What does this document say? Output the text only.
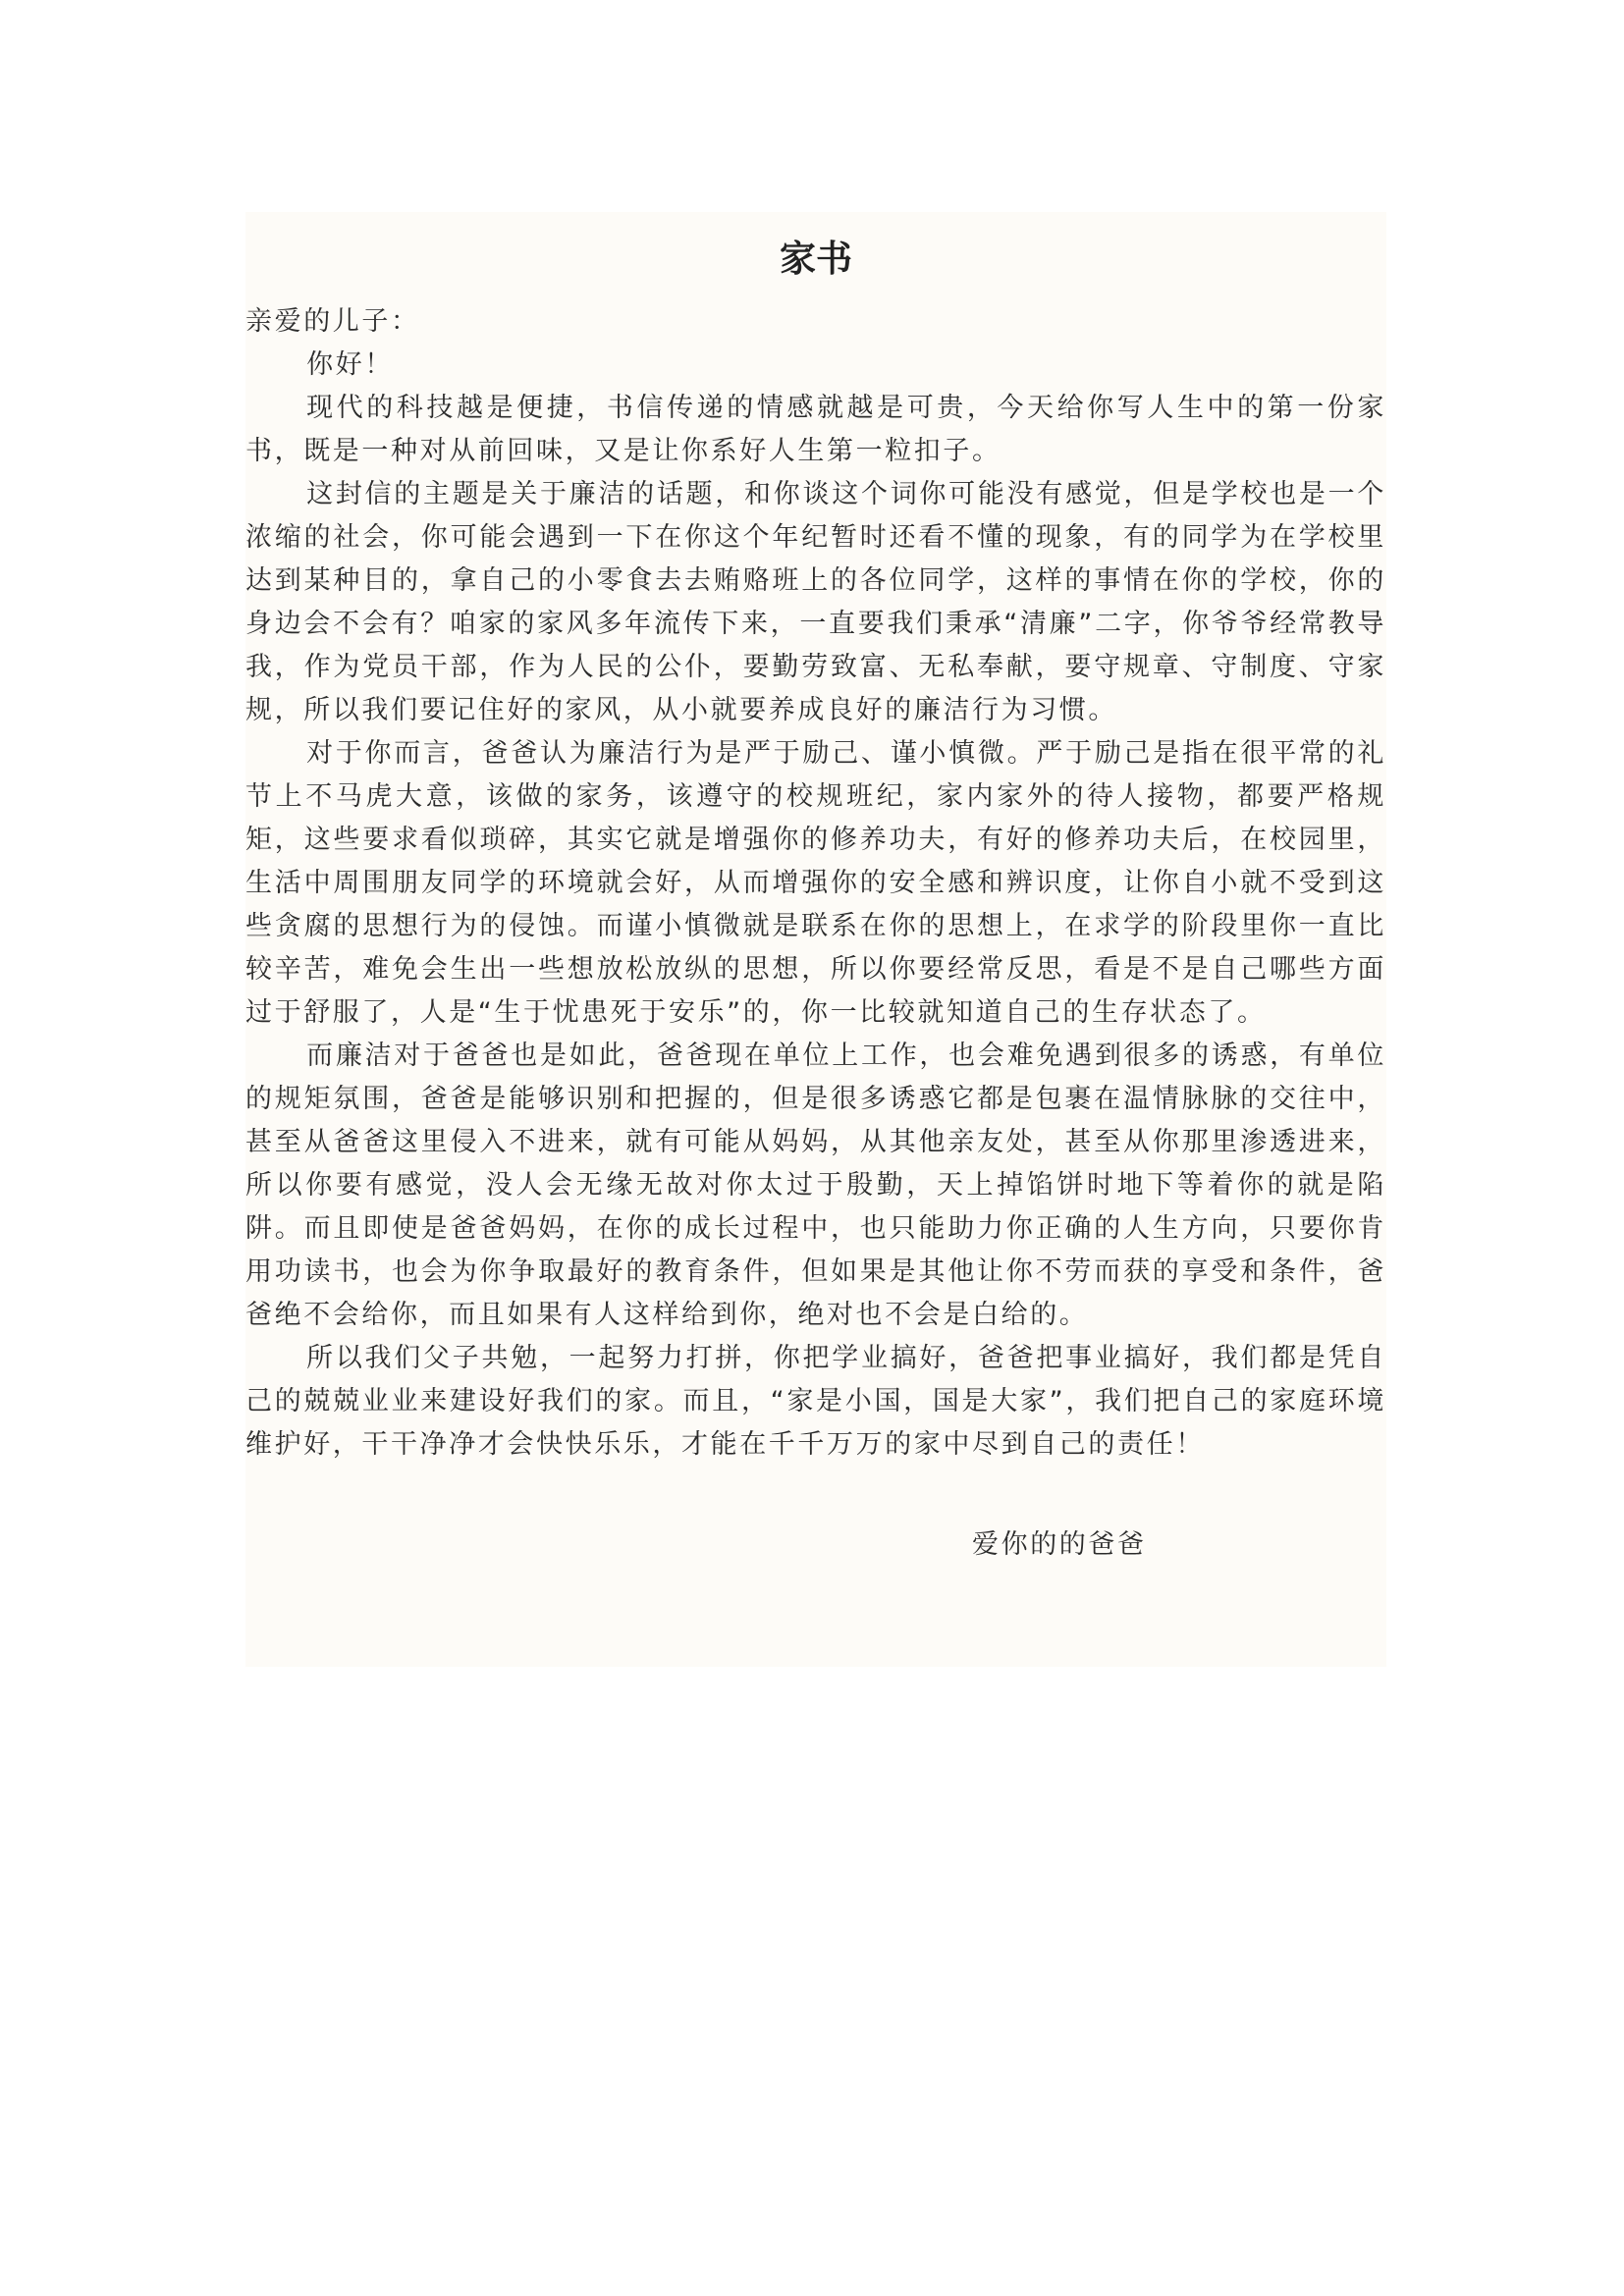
家书

亲爱的儿子：

你好！

现代的科技越是便捷，书信传递的情感就越是可贵，今天给你写人生中的第一份家书，既是一种对从前回味，又是让你系好人生第一粒扣子。

这封信的主题是关于廉洁的话题，和你谈这个词你可能没有感觉，但是学校也是一个浓缩的社会，你可能会遇到一下在你这个年纪暂时还看不懂的现象，有的同学为在学校里达到某种目的，拿自己的小零食去去贿赂班上的各位同学，这样的事情在你的学校，你的身边会不会有？咱家的家风多年流传下来，一直要我们秉承“清廉”二字，你爷爷经常教导我，作为党员干部，作为人民的公仆，要勤劳致富、无私奉献，要守规章、守制度、守家规，所以我们要记住好的家风，从小就要养成良好的廉洁行为习惯。

对于你而言，爸爸认为廉洁行为是严于励己、谨小慎微。严于励己是指在很平常的礼节上不马虎大意，该做的家务，该遵守的校规班纪，家内家外的待人接物，都要严格规矩，这些要求看似琐碎，其实它就是增强你的修养功夫，有好的修养功夫后，在校园里，生活中周围朋友同学的环境就会好，从而增强你的安全感和辨识度，让你自小就不受到这些贪腐的思想行为的侵蚀。而谨小慎微就是联系在你的思想上，在求学的阶段里你一直比较辛苦，难免会生出一些想放松放纵的思想，所以你要经常反思，看是不是自己哪些方面过于舒服了，人是“生于忧患死于安乐”的，你一比较就知道自己的生存状态了。

而廉洁对于爸爸也是如此，爸爸现在单位上工作，也会难免遇到很多的诱惑，有单位的规矩氛围，爸爸是能够识别和把握的，但是很多诱惑它都是包裹在温情脉脉的交往中，甚至从爸爸这里侵入不进来，就有可能从妈妈，从其他亲友处，甚至从你那里渗透进来，所以你要有感觉，没人会无缘无故对你太过于殷勤，天上掉馅饼时地下等着你的就是陷阱。而且即使是爸爸妈妈，在你的成长过程中，也只能助力你正确的人生方向，只要你肯用功读书，也会为你争取最好的教育条件，但如果是其他让你不劳而获的享受和条件，爸爸绝不会给你，而且如果有人这样给到你，绝对也不会是白给的。

所以我们父子共勉，一起努力打拼，你把学业搞好，爸爸把事业搞好，我们都是凭自己的兢兢业业来建设好我们的家。而且，“家是小国，国是大家”，我们把自己的家庭环境维护好，干干净净才会快快乐乐，才能在千千万万的家中尽到自己的责任！

爱你的的爸爸
